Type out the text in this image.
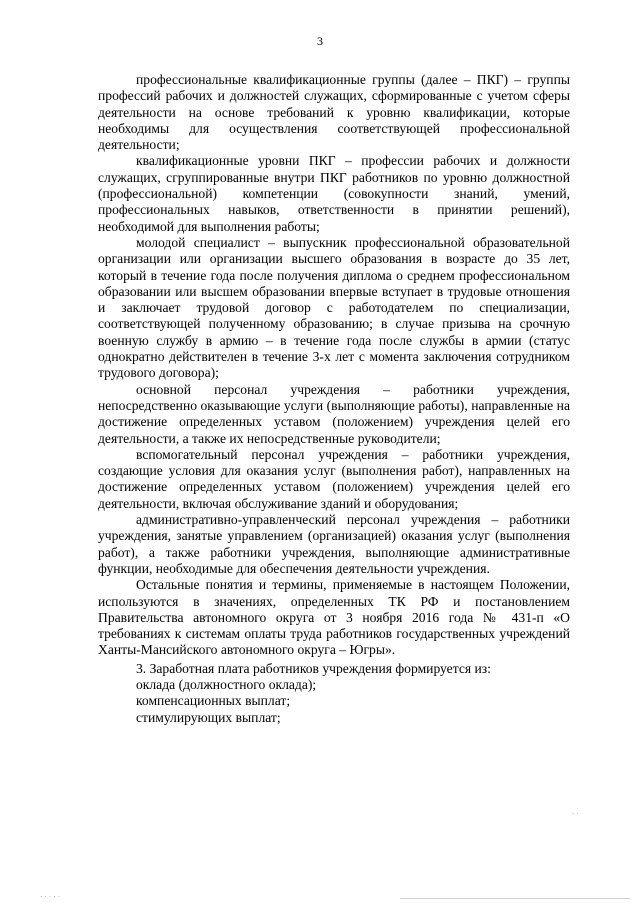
3

профессиональные квалификационные группы (далее – ПКГ) – группы профессий рабочих и должностей служащих, сформированные с учетом сферы деятельности на основе требований к уровню квалификации, которые необходимы для осуществления соответствующей профессиональной деятельности;

квалификационные уровни ПКГ – профессии рабочих и должности служащих, сгруппированные внутри ПКГ работников по уровню должностной (профессиональной) компетенции (совокупности знаний, умений, профессиональных навыков, ответственности в принятии решений), необходимой для выполнения работы;

молодой специалист – выпускник профессиональной образовательной организации или организации высшего образования в возрасте до 35 лет, который в течение года после получения диплома о среднем профессиональном образовании или высшем образовании впервые вступает в трудовые отношения и заключает трудовой договор с работодателем по специализации, соответствующей полученному образованию; в случае призыва на срочную военную службу в армию – в течение года после службы в армии (статус однократно действителен в течение 3-х лет с момента заключения сотрудником трудового договора);

основной персонал учреждения – работники учреждения, непосредственно оказывающие услуги (выполняющие работы), направленные на достижение определенных уставом (положением) учреждения целей его деятельности, а также их непосредственные руководители;

вспомогательный персонал учреждения – работники учреждения, создающие условия для оказания услуг (выполнения работ), направленных на достижение определенных уставом (положением) учреждения целей его деятельности, включая обслуживание зданий и оборудования;

административно-управленческий персонал учреждения – работники учреждения, занятые управлением (организацией) оказания услуг (выполнения работ), а также работники учреждения, выполняющие административные функции, необходимые для обеспечения деятельности учреждения.

Остальные понятия и термины, применяемые в настоящем Положении, используются в значениях, определенных ТК РФ и постановлением Правительства автономного округа от 3 ноября 2016 года № 431-п «О требованиях к системам оплаты труда работников государственных учреждений Ханты-Мансийского автономного округа – Югры».

3. Заработная плата работников учреждения формируется из:

оклада (должностного оклада);

компенсационных выплат;

стимулирующих выплат;

· · · · ·
· ·
